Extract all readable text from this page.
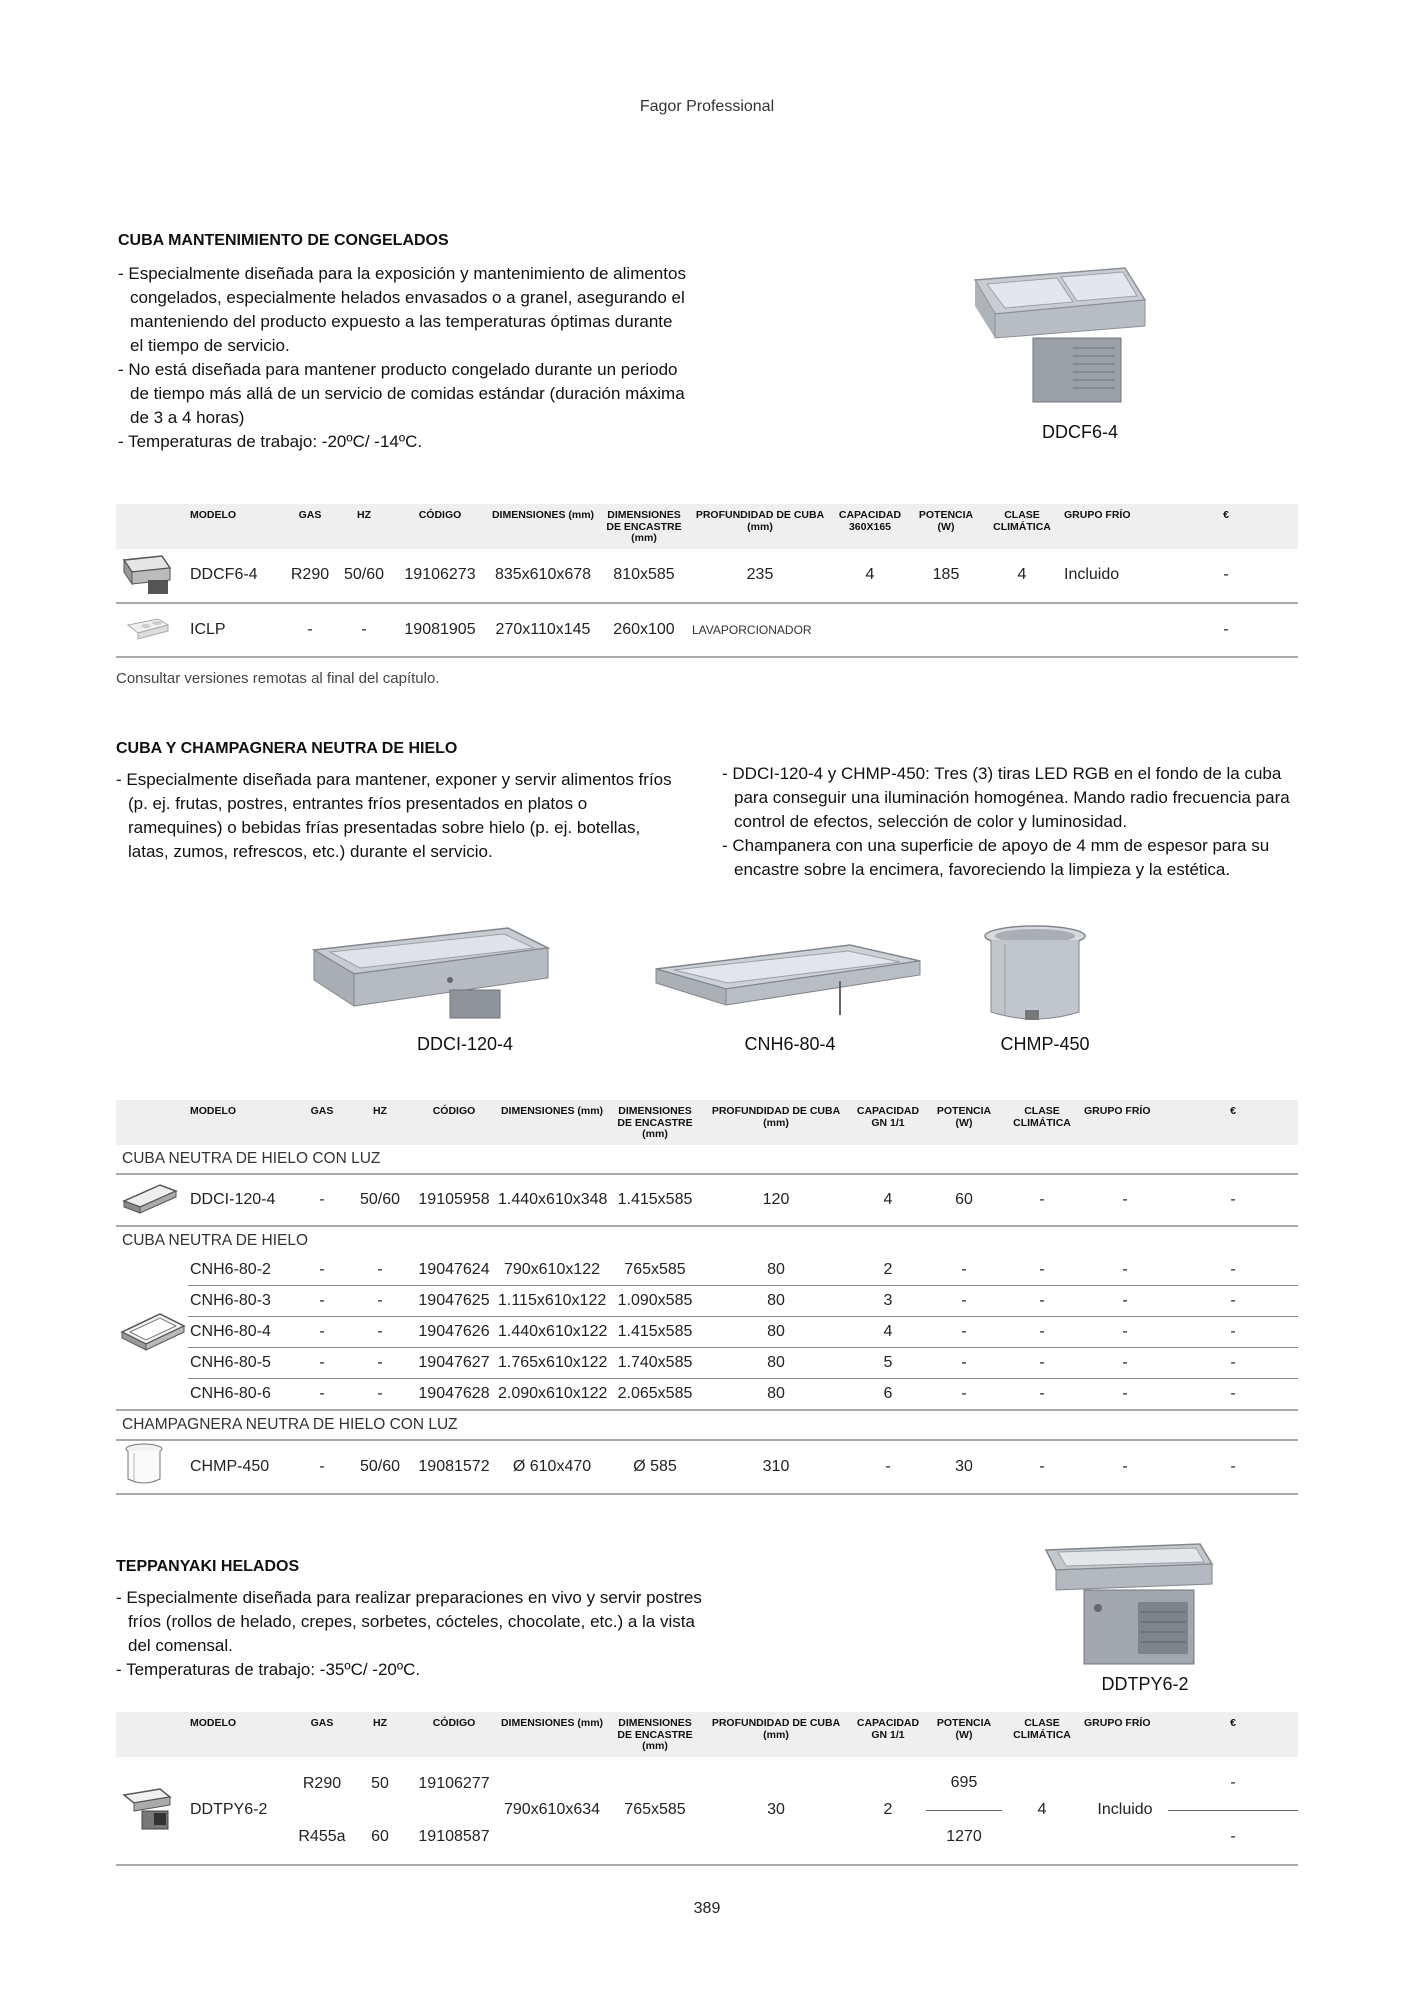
Fagor Professional
CUBA MANTENIMIENTO DE CONGELADOS
- Especialmente diseñada para la exposición y mantenimiento de alimentos congelados, especialmente helados envasados o a granel, asegurando el manteniendo del producto expuesto a las temperaturas óptimas durante el tiempo de servicio.
- No está diseñada para mantener producto congelado durante un periodo de tiempo más allá de un servicio de comidas estándar (duración máxima de 3 a 4 horas)
- Temperaturas de trabajo: -20ºC/ -14ºC.	DDCF6-4
	MODELO	GAS	HZ	CÓDIGO	DIMENSIONES (mm)	DIMENSIONES DE ENCASTRE (mm)	PROFUNDIDAD DE CUBA (mm)	CAPACIDAD 360X165	POTENCIA (W)	CLASE CLIMÁTICA	GRUPO FRÍO	€
	DDCF6-4	R290	50/60	19106273	835x610x678	810x585	235	4	185	4	Incluido	-
	ICLP	-	-	19081905	270x110x145	260x100	LAVAPORCIONADOR					-
Consultar versiones remotas al final del capítulo.
CUBA Y CHAMPAGNERA NEUTRA DE HIELO
- Especialmente diseñada para mantener, exponer y servir alimentos fríos (p. ej. frutas, postres, entrantes fríos presentados en platos o ramequines) o bebidas frías presentadas sobre hielo (p. ej. botellas, latas, zumos, refrescos, etc.) durante el servicio.
- DDCI-120-4 y CHMP-450: Tres (3) tiras LED RGB en el fondo de la cuba para conseguir una iluminación homogénea. Mando radio frecuencia para control de efectos, selección de color y luminosidad.
- Champanera con una superficie de apoyo de 4 mm de espesor para su encastre sobre la encimera, favoreciendo la limpieza y la estética.
DDCI-120-4	CNH6-80-4	CHMP-450
	MODELO	GAS	HZ	CÓDIGO	DIMENSIONES (mm)	DIMENSIONES DE ENCASTRE (mm)	PROFUNDIDAD DE CUBA (mm)	CAPACIDAD GN 1/1	POTENCIA (W)	CLASE CLIMÁTICA	GRUPO FRÍO	€
CUBA NEUTRA DE HIELO CON LUZ												
	DDCI-120-4	-	50/60	19105958	1.440x610x348	1.415x585	120	4	60	-	-	-
CUBA NEUTRA DE HIELO												
	CNH6-80-2	-	-	19047624	790x610x122	765x585	80	2	-	-	-	-
	CNH6-80-3	-	-	19047625	1.115x610x122	1.090x585	80	3	-	-	-	-
	CNH6-80-4	-	-	19047626	1.440x610x122	1.415x585	80	4	-	-	-	-
	CNH6-80-5	-	-	19047627	1.765x610x122	1.740x585	80	5	-	-	-	-
	CNH6-80-6	-	-	19047628	2.090x610x122	2.065x585	80	6	-	-	-	-
CHAMPAGNERA NEUTRA DE HIELO CON LUZ												
	CHMP-450	-	50/60	19081572	Ø 610x470	Ø 585	310	-	30	-	-	-
TEPPANYAKI HELADOS
- Especialmente diseñada para realizar preparaciones en vivo y servir postres fríos (rollos de helado, crepes, sorbetes, cócteles, chocolate, etc.) a la vista del comensal.
- Temperaturas de trabajo: -35ºC/ -20ºC.
DDTPY6-2
	MODELO	GAS	HZ	CÓDIGO	DIMENSIONES (mm)	DIMENSIONES DE ENCASTRE (mm)	PROFUNDIDAD DE CUBA (mm)	CAPACIDAD GN 1/1	POTENCIA (W)	CLASE CLIMÁTICA	GRUPO FRÍO	€
	DDTPY6-2	R290	50	19106277	790x610x634	765x585	30	2	695	4	Incluido	-
		R455a	60	19108587					1270			-
389
